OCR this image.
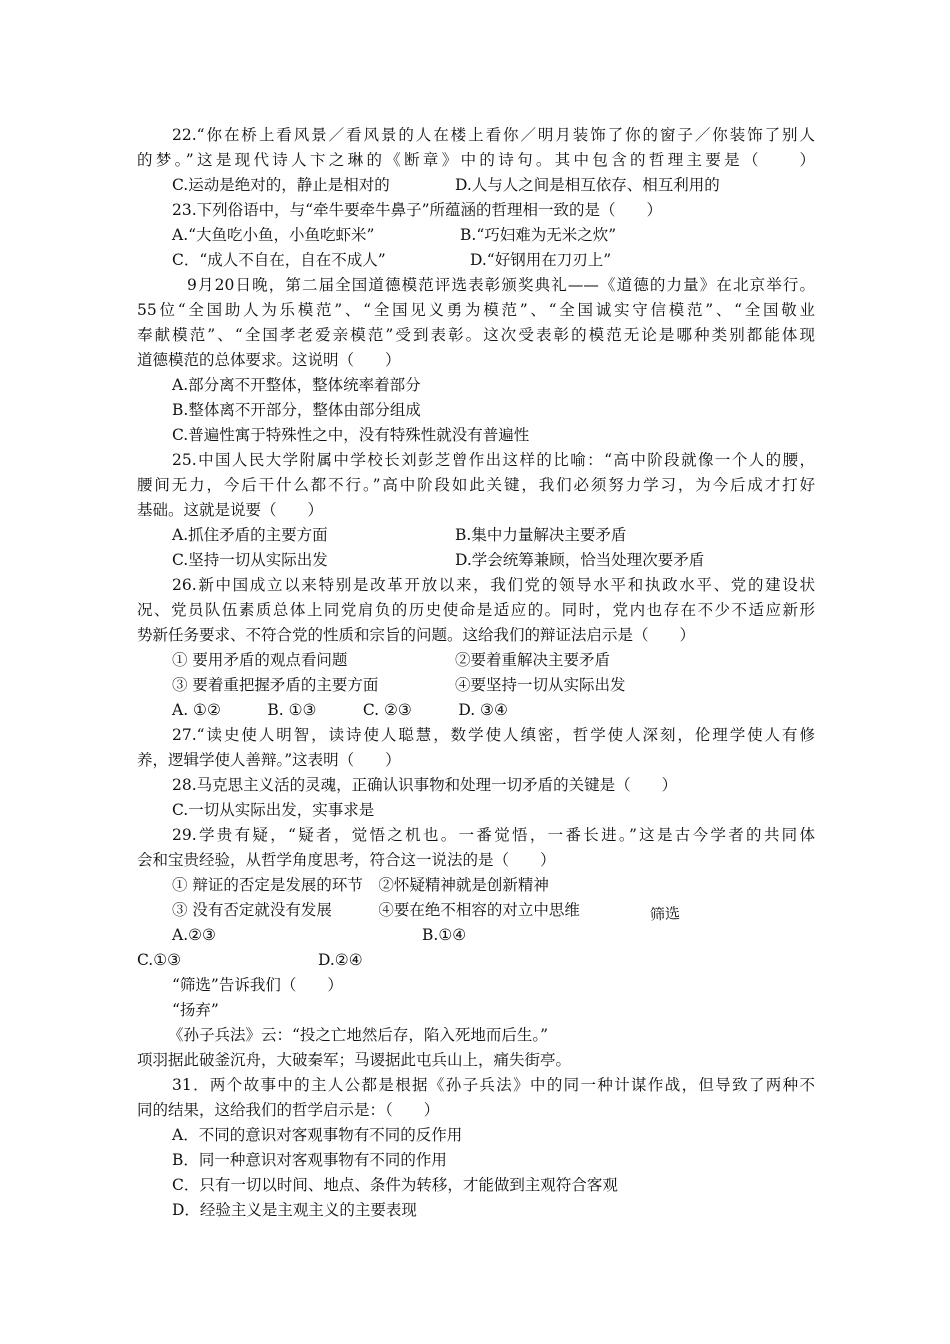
22.“你在桥上看风景／看风景的人在楼上看你／明月装饰了你的窗子／你装饰了别人
的梦。”这是现代诗人卞之琳的《断章》中的诗句。其中包含的哲理主要是（　　）
C.运动是绝对的，静止是相对的	D.人与人之间是相互依存、相互利用的
23.下列俗语中，与“牵牛要牵牛鼻子”所蕴涵的哲理相一致的是（　　）
A.“大鱼吃小鱼，小鱼吃虾米”	B.“巧妇难为无米之炊”
C．“成人不自在，自在不成人”	D.“好钢用在刀刃上”
9月20日晚，第二届全国道德模范评选表彰颁奖典礼——《道德的力量》在北京举行。
55位“全国助人为乐模范”、“全国见义勇为模范”、“全国诚实守信模范”、“全国敬业
奉献模范”、“全国孝老爱亲模范”受到表彰。这次受表彰的模范无论是哪种类别都能体现
道德模范的总体要求。这说明（　　）
A.部分离不开整体，整体统率着部分
B.整体离不开部分，整体由部分组成
C.普遍性寓于特殊性之中，没有特殊性就没有普遍性
25.中国人民大学附属中学校长刘彭芝曾作出这样的比喻：“高中阶段就像一个人的腰，
腰间无力，今后干什么都不行。”高中阶段如此关键，我们必须努力学习，为今后成才打好
基础。这就是说要（　　）
A.抓住矛盾的主要方面	B.集中力量解决主要矛盾
C.坚持一切从实际出发	D.学会统筹兼顾，恰当处理次要矛盾
26.新中国成立以来特别是改革开放以来，我们党的领导水平和执政水平、党的建设状
况、党员队伍素质总体上同党肩负的历史使命是适应的。同时，党内也存在不少不适应新形
势新任务要求、不符合党的性质和宗旨的问题。这给我们的辩证法启示是（　　）
① 要用矛盾的观点看问题	②要着重解决主要矛盾
③ 要着重把握矛盾的主要方面	④要坚持一切从实际出发
A. ①②　　　B. ①③　　　C. ②③　　　D. ③④
27.“读史使人明智，读诗使人聪慧，数学使人缜密，哲学使人深刻，伦理学使人有修
养，逻辑学使人善辩。”这表明（　　）
28.马克思主义活的灵魂，正确认识事物和处理一切矛盾的关键是（　　）
C.一切从实际出发，实事求是
29.学贵有疑，“疑者，觉悟之机也。一番觉悟，一番长进。”这是古今学者的共同体
会和宝贵经验，从哲学角度思考，符合这一说法的是（　　）
① 辩证的否定是发展的环节　②怀疑精神就是创新精神
③ 没有否定就没有发展　　　④要在绝不相容的对立中思维	筛选
A.②③	B.①④
C.①③	D.②④
“筛选”告诉我们（　　）
“扬弃”
《孙子兵法》云：“投之亡地然后存，陷入死地而后生。”
项羽据此破釜沉舟，大破秦军；马谡据此屯兵山上，痛失街亭。
31．两个故事中的主人公都是根据《孙子兵法》中的同一种计谋作战，但导致了两种不
同的结果，这给我们的哲学启示是：（　　）
A．不同的意识对客观事物有不同的反作用
B．同一种意识对客观事物有不同的作用
C．只有一切以时间、地点、条件为转移，才能做到主观符合客观
D．经验主义是主观主义的主要表现
